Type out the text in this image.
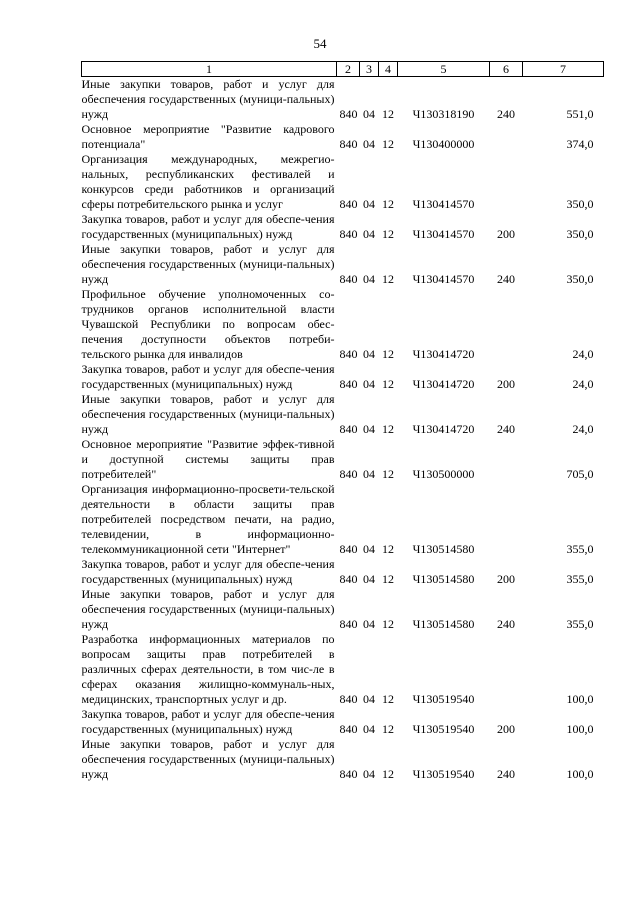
54
1	2	3	4	5	6	7
Иные закупки товаров, работ и услуг для обеспечения государственных (муници-пальных) нужд	840	04	12	Ч130318190	240	551,0
Основное мероприятие "Развитие кадрового потенциала"	840	04	12	Ч130400000		374,0
Организация международных, межрегио-нальных, республиканских фестивалей и конкурсов среди работников и организаций сферы потребительского рынка и услуг	840	04	12	Ч130414570		350,0
Закупка товаров, работ и услуг для обеспе-чения государственных (муниципальных) нужд	840	04	12	Ч130414570	200	350,0
Иные закупки товаров, работ и услуг для обеспечения государственных (муници-пальных) нужд	840	04	12	Ч130414570	240	350,0
Профильное обучение уполномоченных со-трудников органов исполнительной власти Чувашской Республики по вопросам обес-печения доступности объектов потреби-тельского рынка для инвалидов	840	04	12	Ч130414720		24,0
Закупка товаров, работ и услуг для обеспе-чения государственных (муниципальных) нужд	840	04	12	Ч130414720	200	24,0
Иные закупки товаров, работ и услуг для обеспечения государственных (муници-пальных) нужд	840	04	12	Ч130414720	240	24,0
Основное мероприятие "Развитие эффек-тивной и доступной системы защиты прав потребителей"	840	04	12	Ч130500000		705,0
Организация информационно-просвети-тельской деятельности в области защиты прав потребителей посредством печати, на радио, телевидении, в информационно-телекоммуникационной сети "Интернет"	840	04	12	Ч130514580		355,0
Закупка товаров, работ и услуг для обеспе-чения государственных (муниципальных) нужд	840	04	12	Ч130514580	200	355,0
Иные закупки товаров, работ и услуг для обеспечения государственных (муници-пальных) нужд	840	04	12	Ч130514580	240	355,0
Разработка информационных материалов по вопросам защиты прав потребителей в различных сферах деятельности, в том чис-ле в сферах оказания жилищно-коммуналь-ных, медицинских, транспортных услуг и др.	840	04	12	Ч130519540		100,0
Закупка товаров, работ и услуг для обеспе-чения государственных (муниципальных) нужд	840	04	12	Ч130519540	200	100,0
Иные закупки товаров, работ и услуг для обеспечения государственных (муници-пальных) нужд	840	04	12	Ч130519540	240	100,0
